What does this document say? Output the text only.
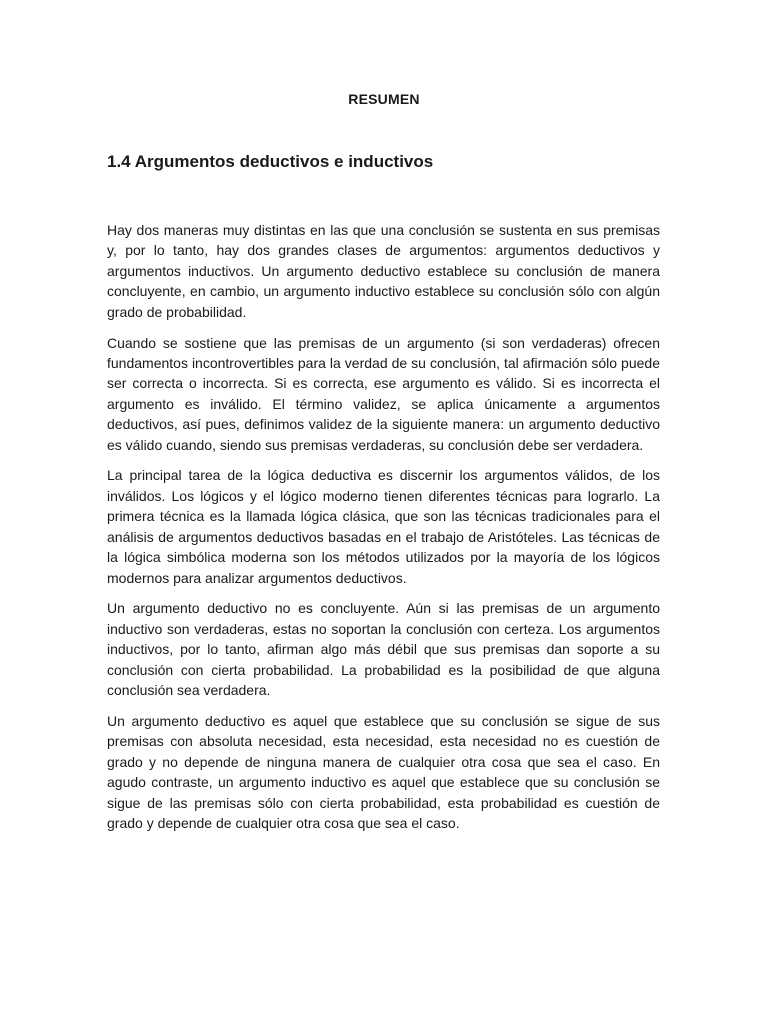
RESUMEN
1.4 Argumentos deductivos e inductivos

Hay dos maneras muy distintas en las que una conclusión se sustenta en sus premisas y, por lo tanto, hay dos grandes clases de argumentos: argumentos deductivos y argumentos inductivos. Un argumento deductivo establece su conclusión de manera concluyente, en cambio, un argumento inductivo establece su conclusión sólo con algún grado de probabilidad.

Cuando se sostiene que las premisas de un argumento (si son verdaderas) ofrecen fundamentos incontrovertibles para la verdad de su conclusión, tal afirmación sólo puede ser correcta o incorrecta. Si es correcta, ese argumento es válido. Si es incorrecta el argumento es inválido. El término validez, se aplica únicamente a argumentos deductivos, así pues, definimos validez de la siguiente manera: un argumento deductivo es válido cuando, siendo sus premisas verdaderas, su conclusión debe ser verdadera.

La principal tarea de la lógica deductiva es discernir los argumentos válidos, de los inválidos. Los lógicos y el lógico moderno tienen diferentes técnicas para lograrlo. La primera técnica es la llamada lógica clásica, que son las técnicas tradicionales para el análisis de argumentos deductivos basadas en el trabajo de Aristóteles. Las técnicas de la lógica simbólica moderna son los métodos utilizados por la mayoría de los lógicos modernos para analizar argumentos deductivos.

Un argumento deductivo no es concluyente. Aún si las premisas de un argumento inductivo son verdaderas, estas no soportan la conclusión con certeza. Los argumentos inductivos, por lo tanto, afirman algo más débil que sus premisas dan soporte a su conclusión con cierta probabilidad. La probabilidad es la posibilidad de que alguna conclusión sea verdadera.

Un argumento deductivo es aquel que establece que su conclusión se sigue de sus premisas con absoluta necesidad, esta necesidad, esta necesidad no es cuestión de grado y no depende de ninguna manera de cualquier otra cosa que sea el caso. En agudo contraste, un argumento inductivo es aquel que establece que su conclusión se sigue de las premisas sólo con cierta probabilidad, esta probabilidad es cuestión de grado y depende de cualquier otra cosa que sea el caso.
